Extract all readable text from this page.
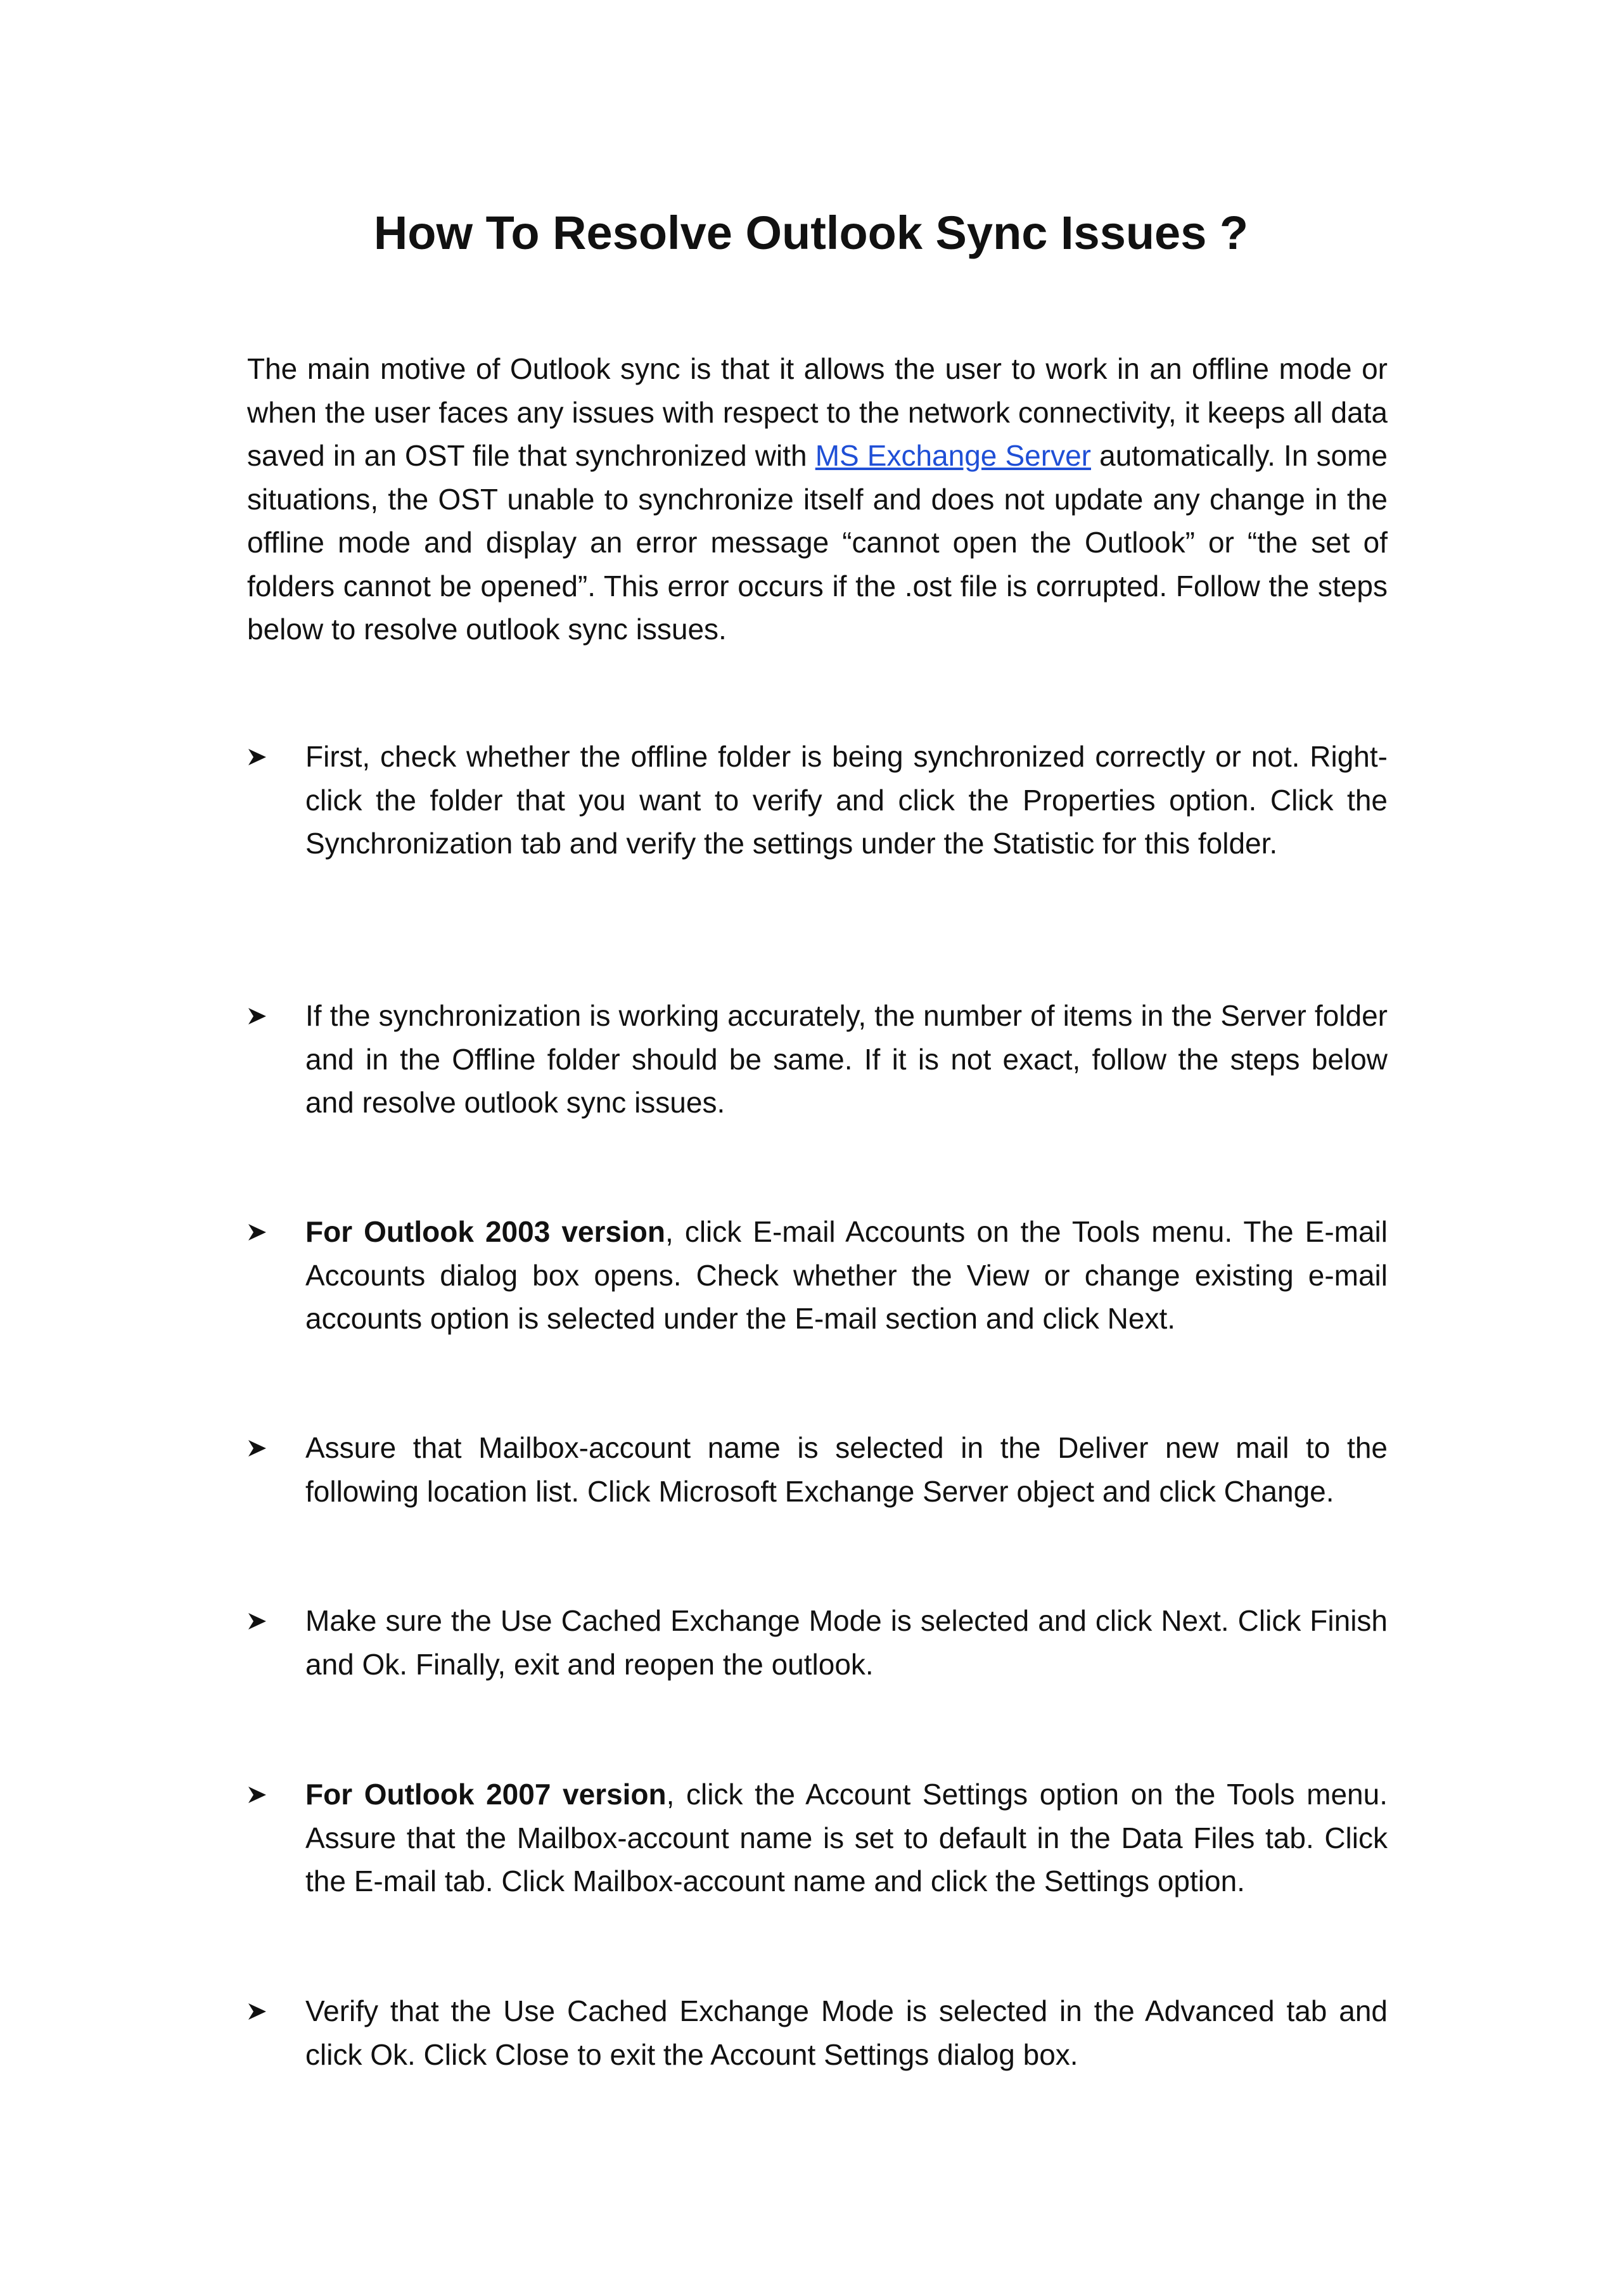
How To Resolve Outlook Sync Issues ?

The main motive of Outlook sync is that it allows the user to work in an offline mode or when the user faces any issues with respect to the network connectivity, it keeps all data saved in an OST file that synchronized with MS Exchange Server automatically. In some situations, the OST unable to synchronize itself and does not update any change in the offline mode and display an error message “cannot open the Outlook” or “the set of folders cannot be opened”. This error occurs if the .ost file is corrupted. Follow the steps below to resolve outlook sync issues.

First, check whether the offline folder is being synchronized correctly or not. Right-click the folder that you want to verify and click the Properties option. Click the Synchronization tab and verify the settings under the Statistic for this folder.
If the synchronization is working accurately, the number of items in the Server folder and in the Offline folder should be same. If it is not exact, follow the steps below and resolve outlook sync issues.
For Outlook 2003 version, click E-mail Accounts on the Tools menu. The E-mail Accounts dialog box opens. Check whether the View or change existing e-mail accounts option is selected under the E-mail section and click Next.
Assure that Mailbox-account name is selected in the Deliver new mail to the following location list. Click Microsoft Exchange Server object and click Change.
Make sure the Use Cached Exchange Mode is selected and click Next. Click Finish and Ok. Finally, exit and reopen the outlook.
For Outlook 2007 version, click the Account Settings option on the Tools menu. Assure that the Mailbox-account name is set to default in the Data Files tab. Click the E-mail tab. Click Mailbox-account name and click the Settings option.
Verify that the Use Cached Exchange Mode is selected in the Advanced tab and click Ok. Click Close to exit the Account Settings dialog box.
